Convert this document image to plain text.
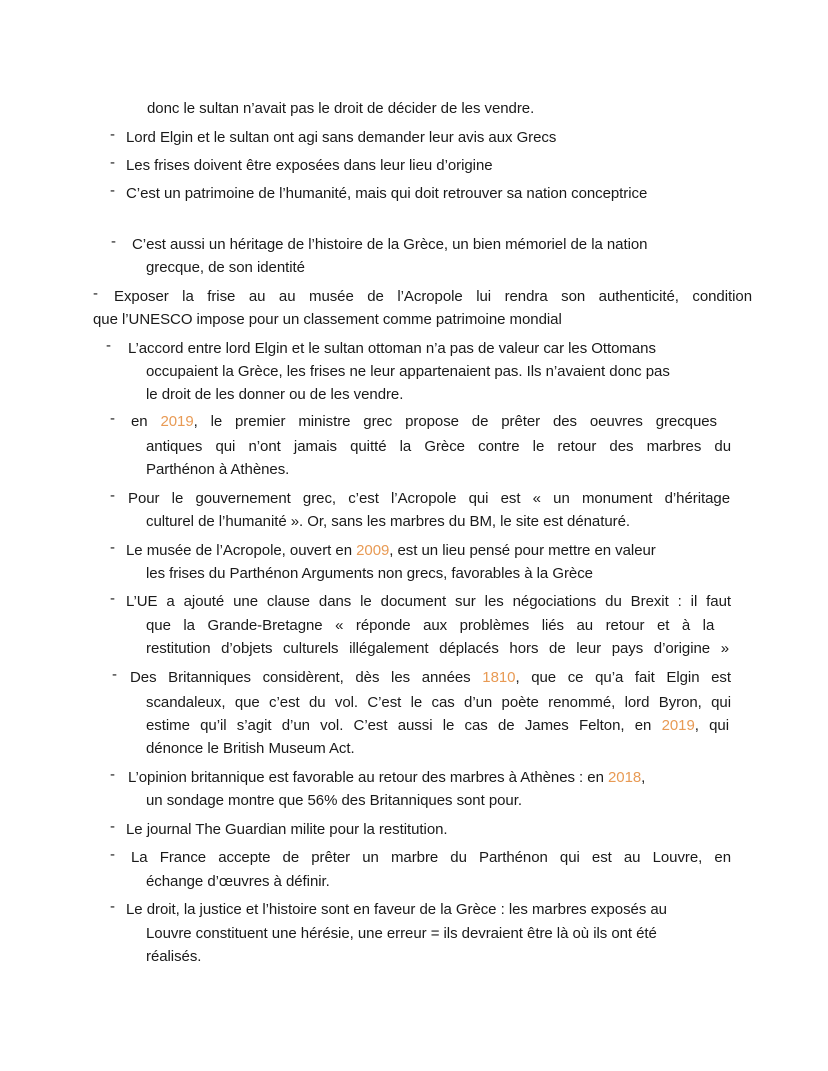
donc le sultan n’avait pas le droit de décider de les vendre.
- Lord Elgin et le sultan ont agi sans demander leur avis aux Grecs
- Les frises doivent être exposées dans leur lieu d’origine
- C’est un patrimoine de l’humanité, mais qui doit retrouver sa nation conceptrice
- C’est aussi un héritage de l’histoire de la Grèce, un bien mémoriel de la nation
grecque, de son identité
- Exposer la frise au au musée de l’Acropole lui rendra son authenticité, condition
que l’UNESCO impose pour un classement comme patrimoine mondial
- L’accord entre lord Elgin et le sultan ottoman n’a pas de valeur car les Ottomans
occupaient la Grèce, les frises ne leur appartenaient pas. Ils n’avaient donc pas
le droit de les donner ou de les vendre.
- en 2019, le premier ministre grec propose de prêter des oeuvres grecques
antiques qui n’ont jamais quitté la Grèce contre le retour des marbres du
Parthénon à Athènes.
- Pour le gouvernement grec, c’est l’Acropole qui est « un monument d’héritage
culturel de l’humanité ». Or, sans les marbres du BM, le site est dénaturé.
- Le musée de l’Acropole, ouvert en 2009, est un lieu pensé pour mettre en valeur
les frises du Parthénon Arguments non grecs, favorables à la Grèce
- L’UE a ajouté une clause dans le document sur les négociations du Brexit : il faut
que la Grande-Bretagne « réponde aux problèmes liés au retour et à la
restitution d’objets culturels illégalement déplacés hors de leur pays d’origine »
- Des Britanniques considèrent, dès les années 1810, que ce qu’a fait Elgin est
scandaleux, que c’est du vol. C’est le cas d’un poète renommé, lord Byron, qui
estime qu’il s’agit d’un vol. C’est aussi le cas de James Felton, en 2019, qui
dénonce le British Museum Act.
- L’opinion britannique est favorable au retour des marbres à Athènes : en 2018,
un sondage montre que 56% des Britanniques sont pour.
- Le journal The Guardian milite pour la restitution.
- La France accepte de prêter un marbre du Parthénon qui est au Louvre, en
échange d’œuvres à définir.
- Le droit, la justice et l’histoire sont en faveur de la Grèce : les marbres exposés au
Louvre constituent une hérésie, une erreur = ils devraient être là où ils ont été
réalisés.
